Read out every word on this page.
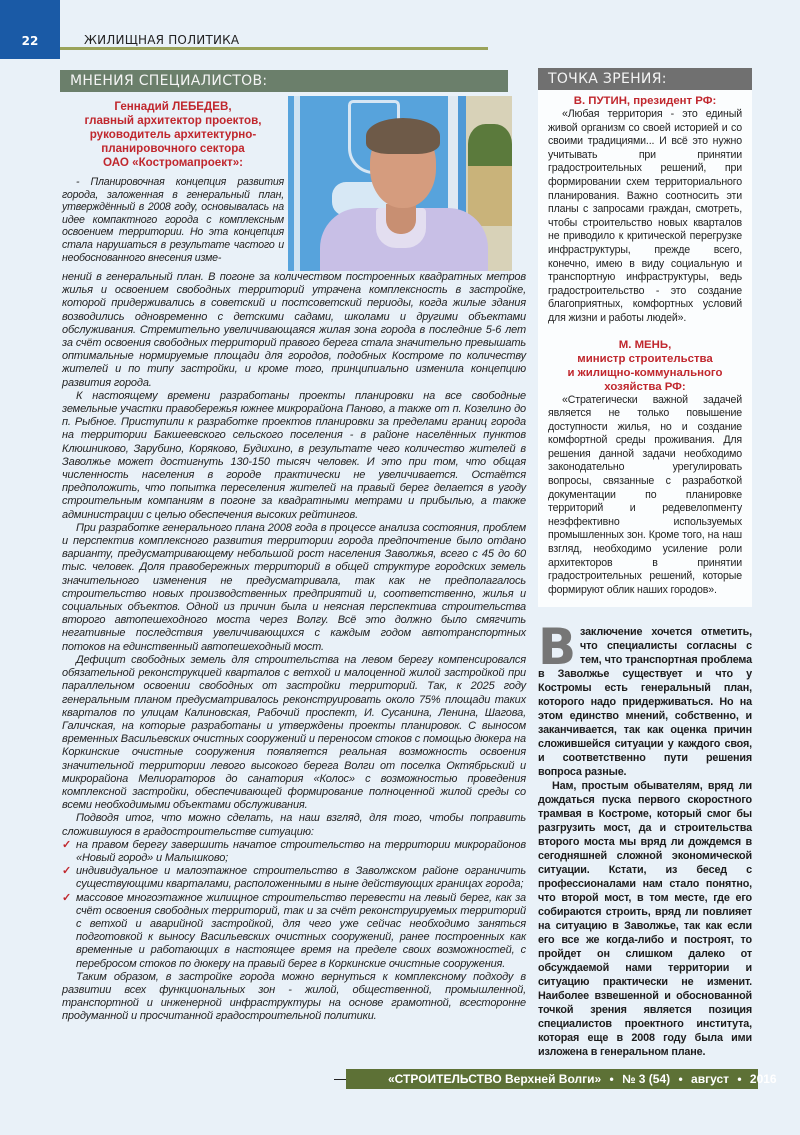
22	ЖИЛИЩНАЯ ПОЛИТИКА
МНЕНИЯ СПЕЦИАЛИСТОВ:
Геннадий ЛЕБЕДЕВ,
главный архитектор проектов,
руководитель архитектурно-
планировочного сектора
ОАО «Костромапроект»:

- Планировочная концепция развития города, заложенная в генеральный план, утверждённый в 2008 году, основывалась на идее компактного города с комплексным освоением территории. Но эта концепция стала нарушаться в результате частого и необоснованного внесения изме-

нений в генеральный план. В погоне за количеством построенных квадратных метров жилья и освоением свободных территорий утрачена комплексность в застройке, которой придерживались в советский и постсоветский периоды, когда жилые здания возводились одновременно с детскими садами, школами и другими объектами обслуживания. Стремительно увеличивающаяся жилая зона города в последние 5-6 лет за счёт освоения свободных территорий правого берега стала значительно превышать оптимальные нормируемые площади для городов, подобных Костроме по количеству жителей и по типу застройки, и кроме того, принципиально изменила концепцию развития города.

К настоящему времени разработаны проекты планировки на все свободные земельные участки правобережья южнее микрорайона Паново, а также от п. Козелино до п. Рыбное. Приступили к разработке проектов планировки за пределами границ города на территории Бакшеевского сельского поселения - в районе населённых пунктов Клюшниково, Зарубино, Коряково, Будихино, в результате чего количество жителей в Заволжье может достигнуть 130-150 тысяч человек. И это при том, что общая численность населения в городе практически не увеличивается. Остаётся предположить, что попытка переселения жителей на правый берег делается в угоду строительным компаниям в погоне за квадратными метрами и прибылью, а также администрации с целью обеспечения высоких рейтингов.

При разработке генерального плана 2008 года в процессе анализа состояния, проблем и перспектив комплексного развития территории города предпочтение было отдано варианту, предусматривающему небольшой рост населения Заволжья, всего с 45 до 60 тыс. человек. Доля правобережных территорий в общей структуре городских земель значительного изменения не предусматривала, так как не предполагалось строительство новых производственных предприятий и, соответственно, жилья и социальных объектов. Одной из причин была и неясная перспектива строительства второго автопешеходного моста через Волгу. Всё это должно было смягчить негативные последствия увеличивающихся с каждым годом автотранспортных потоков на единственный автопешеходный мост.

Дефицит свободных земель для строительства на левом берегу компенсировался обязательной реконструкцией кварталов с ветхой и малоценной жилой застройкой при параллельном освоении свободных от застройки территорий. Так, к 2025 году генеральным планом предусматривалось реконструировать около 75% площади таких кварталов по улицам Калиновская, Рабочий проспект, И. Сусанина, Ленина, Шагова, Галичская, на которые разработаны и утверждены проекты планировок. С выносом временных Васильевских очистных сооружений и переносом стоков с помощью дюкера на Коркинские очистные сооружения появляется реальная возможность освоения значительной территории левого высокого берега Волги от поселка Октябрьский и микрорайона Мелиораторов до санатория «Колос» с возможностью проведения комплексной застройки, обеспечивающей формирование полноценной жилой среды со всеми необходимыми объектами обслуживания.

Подводя итог, что можно сделать, на наш взгляд, для того, чтобы поправить сложившуюся в градостроительстве ситуацию:

✓ на правом берегу завершить начатое строительство на территории микрорайонов «Новый город» и Малышково;
✓ индивидуальное и малоэтажное строительство в Заволжском районе ограничить существующими кварталами, расположенными в ныне действующих границах города;
✓ массовое многоэтажное жилищное строительство перевести на левый берег, как за счёт освоения свободных территорий, так и за счёт реконструируемых территорий с ветхой и аварийной застройкой, для чего уже сейчас необходимо заняться подготовкой к выносу Васильевских очистных сооружений, ранее построенных как временные и работающих в настоящее время на пределе своих возможностей, с переброcом стоков по дюкеру на правый берег в Коркинские очистные сооружения.

Таким образом, в застройке города можно вернуться к комплексному подходу в развитии всех функциональных зон - жилой, общественной, промышленной, транспортной и инженерной инфраструктуры на основе грамотной, всесторонне продуманной и просчитанной градостроительной политики.

ТОЧКА ЗРЕНИЯ:
В. ПУТИН, президент РФ:

«Любая территория - это единый живой организм со своей историей и со своими традициями... И всё это нужно учитывать при принятии градостроительных решений, при формировании схем территориального планирования. Важно соотносить эти планы с запросами граждан, смотреть, чтобы строительство новых кварталов не приводило к критической перегрузке инфраструктуры, прежде всего, конечно, имею в виду социальную и транспортную инфраструктуры, ведь градостроительство - это создание благоприятных, комфортных условий для жизни и работы людей».

М. МЕНЬ,
министр строительства
и жилищно-коммунального
хозяйства РФ:

«Стратегически важной задачей является не только повышение доступности жилья, но и создание комфортной среды проживания. Для решения данной задачи необходимо законодательно урегулировать вопросы, связанные с разработкой документации по планировке территорий и редевелопменту неэффективно используемых промышленных зон. Кроме того, на наш взгляд, необходимо усиление роли архитекторов в принятии градостроительных решений, которые формируют облик наших городов».

Взаключение хочется отметить, что специалисты согласны с тем, что транспортная проблема в Заволжье существует и что у Костромы есть генеральный план, которого надо придерживаться. Но на этом единство мнений, собственно, и заканчивается, так как оценка причин сложившейся ситуации у каждого своя, и соответственно пути решения вопроса разные.

Нам, простым обывателям, вряд ли дождаться пуска первого скоростного трамвая в Костроме, который смог бы разгрузить мост, да и строительства второго моста мы вряд ли дождемся в сегодняшней сложной экономической ситуации. Кстати, из бесед с профессионалами нам стало понятно, что второй мост, в том месте, где его собираются строить, вряд ли повлияет на ситуацию в Заволжье, так как если его все же когда-либо и построят, то пройдет он слишком далеко от обсуждаемой нами территории и ситуацию практически не изменит. Наиболее взвешенной и обоснованной точкой зрения является позиция специалистов проектного института, которая еще в 2008 году была ими изложена в генеральном плане.

«СТРОИТЕЛЬСТВО Верхней Волги» • № 3 (54) • август • 2016
